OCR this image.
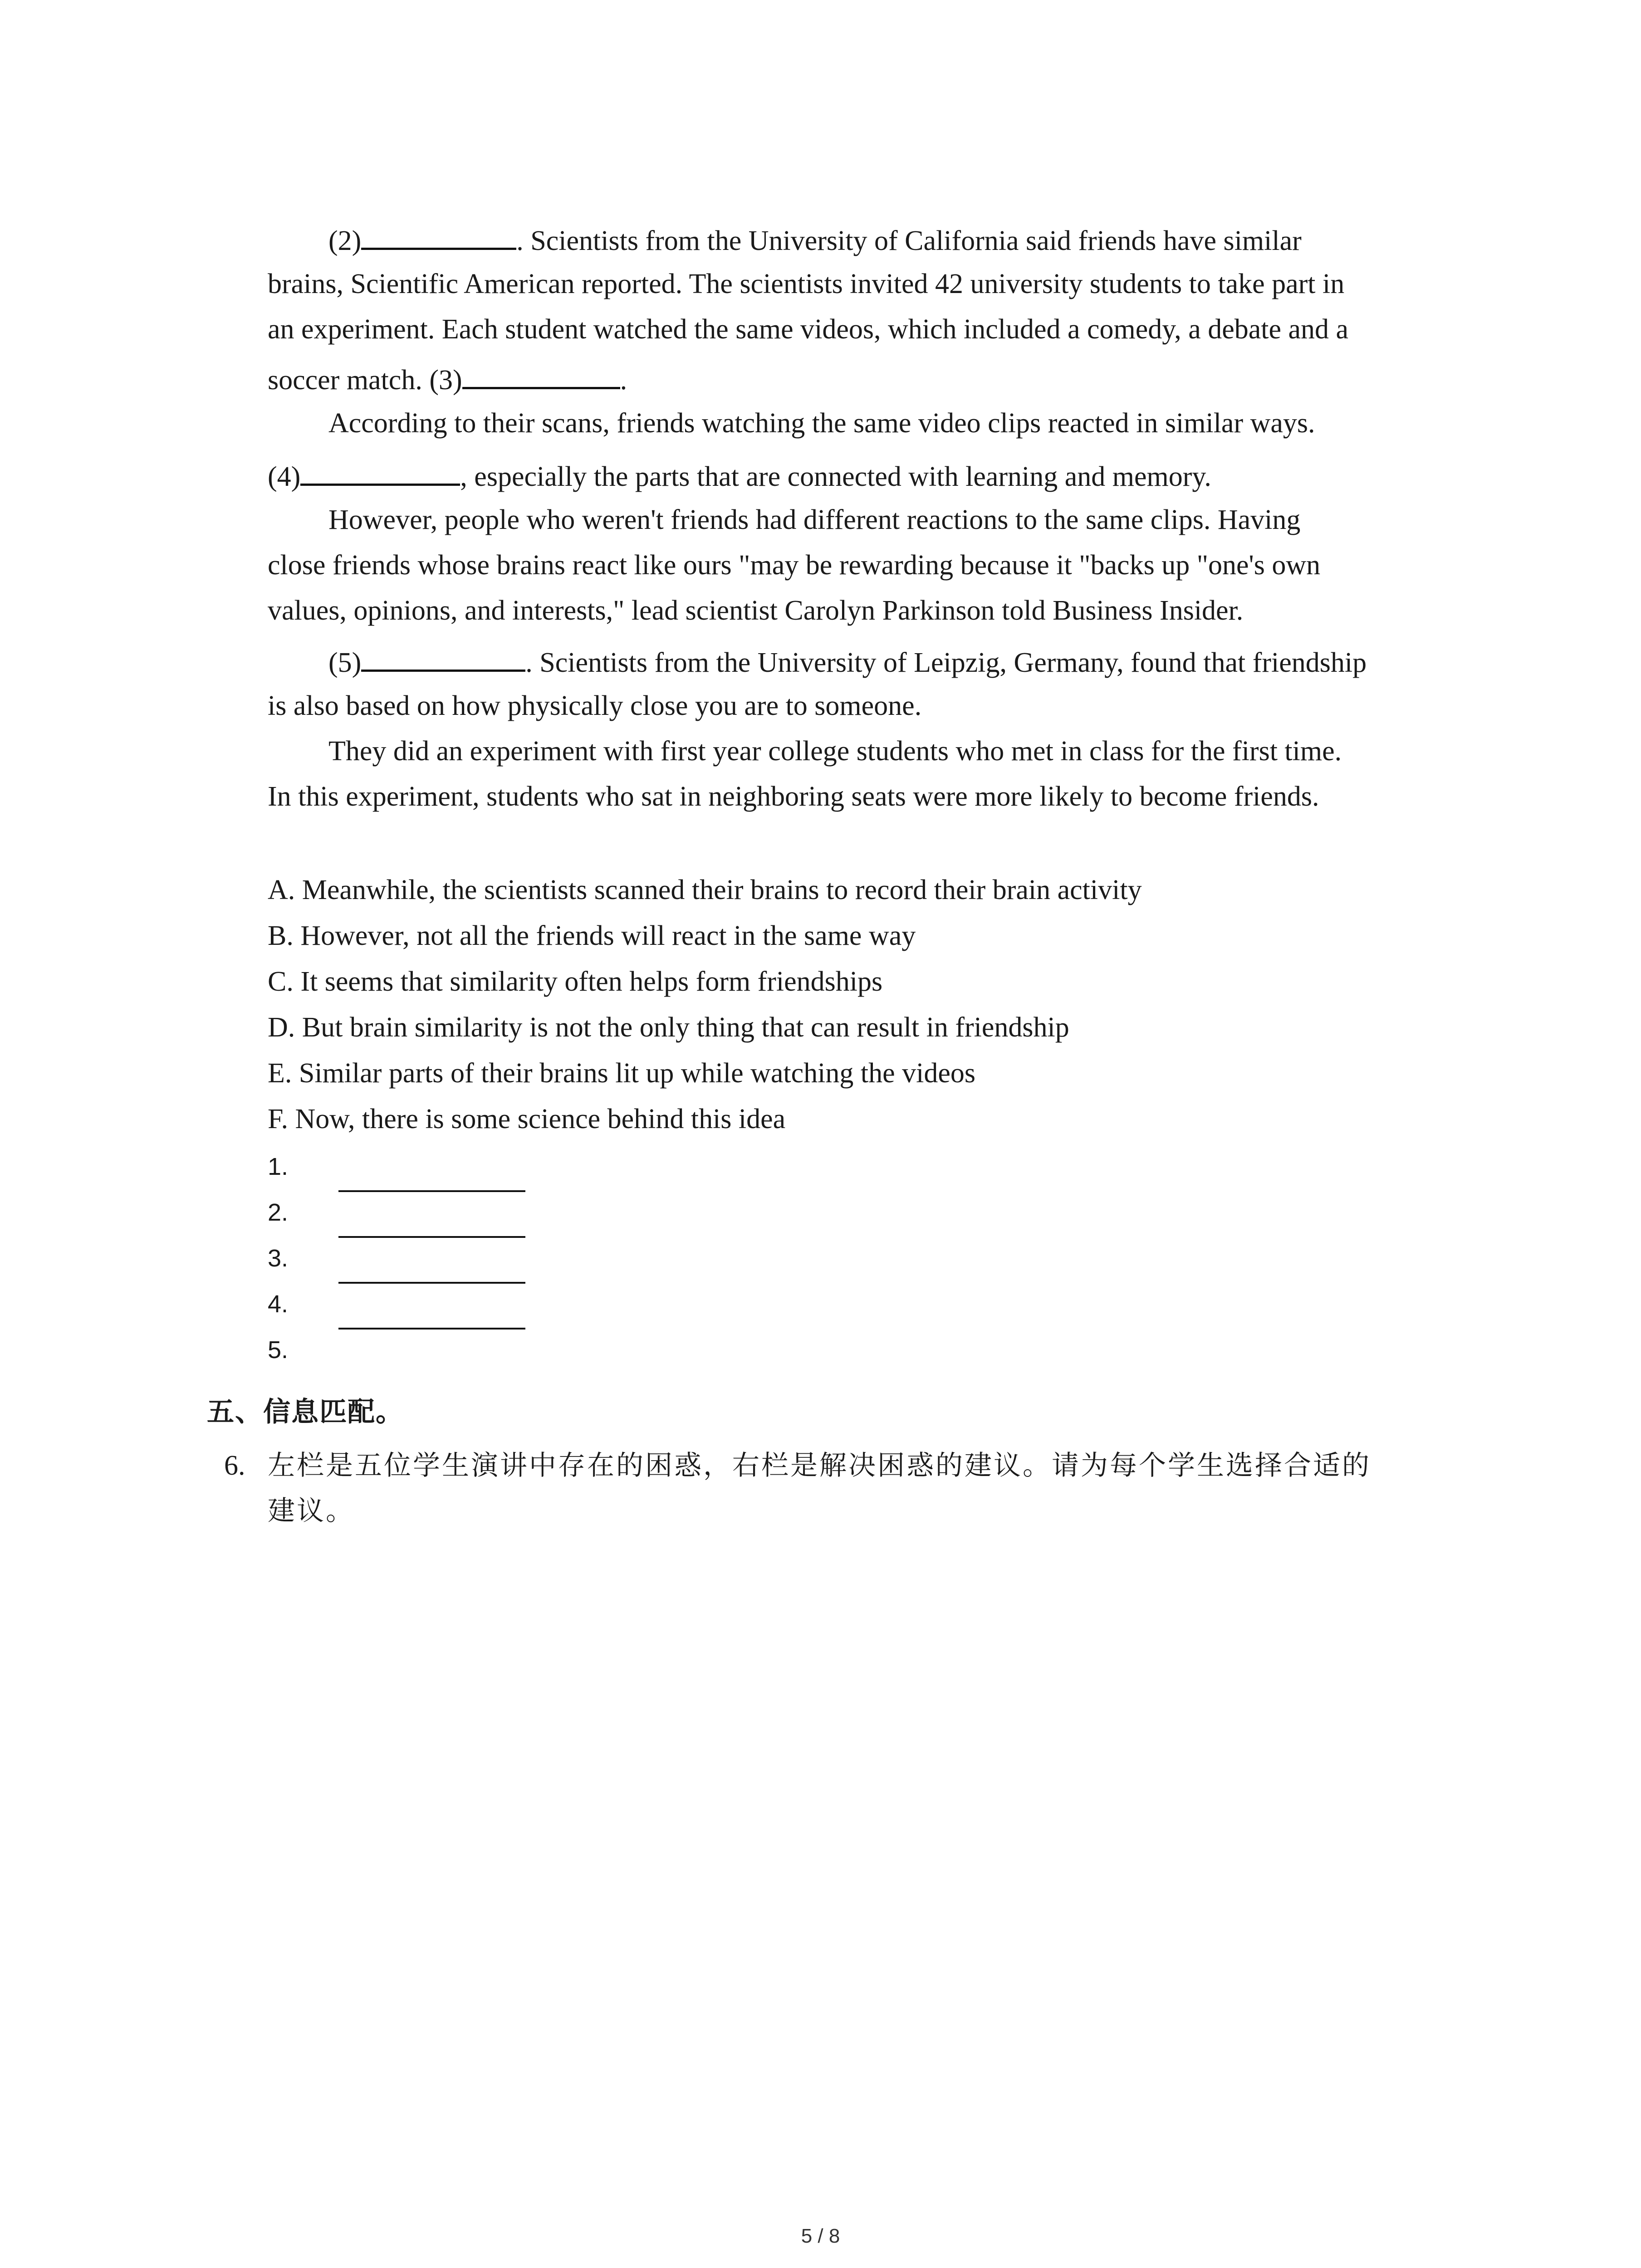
(2)	. Scientists from the University of California said friends have similar
brains, Scientific American reported. The scientists invited 42 university students to take part in
an experiment. Each student watched the same videos, which included a comedy, a debate and a
soccer match. (3)	.
According to their scans, friends watching the same video clips reacted in similar ways.
(4)	, especially the parts that are connected with learning and memory.
However, people who weren't friends had different reactions to the same clips. Having
close friends whose brains react like ours "may be rewarding because it "backs up "one's own
values, opinions, and interests," lead scientist Carolyn Parkinson told Business Insider.
(5)	. Scientists from the University of Leipzig, Germany, found that friendship
is also based on how physically close you are to someone.
They did an experiment with first year college students who met in class for the first time.
In this experiment, students who sat in neighboring seats were more likely to become friends.
A. Meanwhile, the scientists scanned their brains to record their brain activity
B. However, not all the friends will react in the same way
C. It seems that similarity often helps form friendships
D. But brain similarity is not the only thing that can result in friendship
E. Similar parts of their brains lit up while watching the videos
F. Now, there is some science behind this idea
1.
2.
3.
4.
5.
五、信息匹配。
6. 左栏是五位学生演讲中存在的困惑，右栏是解决困惑的建议。请为每个学生选择合适的
建议。
5 / 8
